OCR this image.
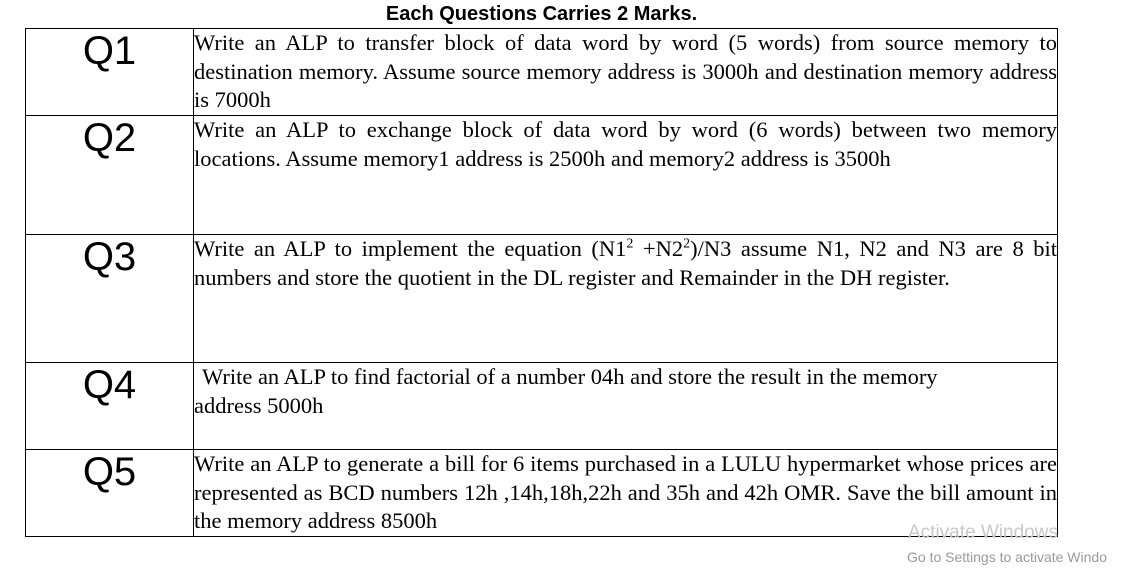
Each Questions Carries 2 Marks.
Q1	Write an ALP to transfer block of data word by word (5 words) from source memory to destination memory. Assume source memory address is 3000h and destination memory address is 7000h
Q2	Write an ALP to exchange block of data word by word (6 words) between two memory locations. Assume memory1 address is 2500h and memory2 address is 3500h
Q3	Write an ALP to implement the equation $(N1^2 +N2^2)/N3$ assume N1, N2 and N3 are 8 bit numbers and store the quotient in the DL register and Remainder in the DH register.
Q4	Write an ALP to find factorial of a number 04h and store the result in the memory
address 5000h

Q5	Write an ALP to generate a bill for 6 items purchased in a LULU hypermarket whose prices are represented as BCD numbers 12h ,14h,18h,22h and 35h and 42h OMR. Save the bill amount in the memory address 8500h	Activate Windows
Go to Settings to activate Windo
